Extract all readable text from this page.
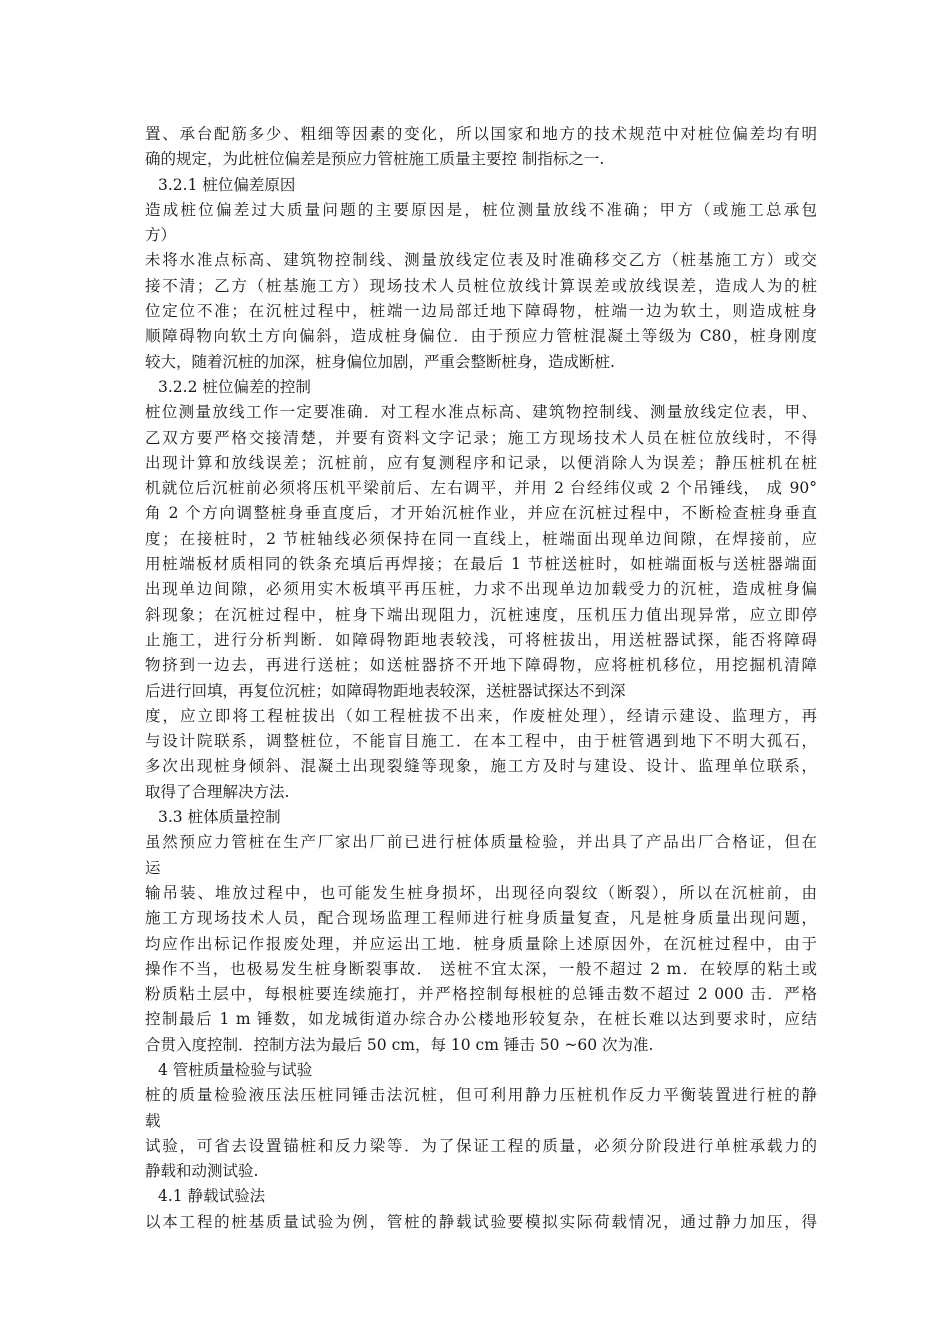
置、承台配筋多少、粗细等因素的变化，所以国家和地方的技术规范中对桩位偏差均有明
确的规定，为此桩位偏差是预应力管桩施工质量主要控 制指标之一.
3.2.1 桩位偏差原因
造成桩位偏差过大质量问题的主要原因是，桩位测量放线不准确；甲方（或施工总承包
方）
未将水准点标高、建筑物控制线、测量放线定位表及时准确移交乙方（桩基施工方）或交
接不清；乙方（桩基施工方）现场技术人员桩位放线计算误差或放线误差，造成人为的桩
位定位不准；在沉桩过程中，桩端一边局部迁地下障碍物，桩端一边为软土，则造成桩身
顺障碍物向软土方向偏斜，造成桩身偏位．由于预应力管桩混凝土等级为 C80，桩身刚度
较大，随着沉桩的加深，桩身偏位加剧，严重会整断桩身，造成断桩.
3.2.2 桩位偏差的控制
桩位测量放线工作一定要准确．对工程水准点标高、建筑物控制线、测量放线定位表，甲、
乙双方要严格交接清楚，并要有资料文字记录；施工方现场技术人员在桩位放线时，不得
出现计算和放线误差；沉桩前，应有复测程序和记录，以便消除人为误差；静压桩机在桩
机就位后沉桩前必须将压机平梁前后、左右调平，并用 2 台经纬仪或 2 个吊锤线， 成 90°
角 2 个方向调整桩身垂直度后，才开始沉桩作业，并应在沉桩过程中，不断检查桩身垂直
度；在接桩时，2 节桩轴线必须保持在同一直线上，桩端面出现单边间隙，在焊接前，应
用桩端板材质相同的铁条充填后再焊接；在最后 1 节桩送桩时，如桩端面板与送桩器端面
出现单边间隙，必须用实木板填平再压桩，力求不出现单边加载受力的沉桩，造成桩身偏
斜现象；在沉桩过程中，桩身下端出现阻力，沉桩速度，压机压力值出现异常，应立即停
止施工，进行分析判断．如障碍物距地表较浅，可将桩拔出，用送桩器试探，能否将障碍
物挤到一边去，再进行送桩；如送桩器挤不开地下障碍物，应将桩机移位，用挖掘机清障
后进行回填，再复位沉桩；如障碍物距地表较深，送桩器试探达不到深
度，应立即将工程桩拔出（如工程桩拔不出来，作废桩处理），经请示建设、监理方，再
与设计院联系，调整桩位，不能盲目施工．在本工程中，由于桩管遇到地下不明大孤石，
多次出现桩身倾斜、混凝土出现裂缝等现象，施工方及时与建设、设计、监理单位联系，
取得了合理解决方法.
3.3 桩体质量控制
虽然预应力管桩在生产厂家出厂前已进行桩体质量检验，并出具了产品出厂合格证，但在
运
输吊装、堆放过程中，也可能发生桩身损坏，出现径向裂纹（断裂），所以在沉桩前，由
施工方现场技术人员，配合现场监理工程师进行桩身质量复查，凡是桩身质量出现问题，
均应作出标记作报废处理，并应运出工地．桩身质量除上述原因外，在沉桩过程中，由于
操作不当，也极易发生桩身断裂事故． 送桩不宜太深，一般不超过 2 m．在较厚的粘土或
粉质粘土层中，每根桩要连续施打，并严格控制每根桩的总锤击数不超过 2 000 击．严格
控制最后 1 m 锤数，如龙城街道办综合办公楼地形较复杂，在桩长难以达到要求时，应结
合贯入度控制．控制方法为最后 50 cm，每 10 cm 锤击 50 ~60 次为准.
4 管桩质量检验与试验
桩的质量检验液压法压桩同锤击法沉桩，但可利用静力压桩机作反力平衡装置进行桩的静
载
试验，可省去设置锚桩和反力梁等．为了保证工程的质量，必须分阶段进行单桩承载力的
静载和动测试验.
4.1 静载试验法
以本工程的桩基质量试验为例，管桩的静载试验要模拟实际荷载情况，通过静力加压，得
